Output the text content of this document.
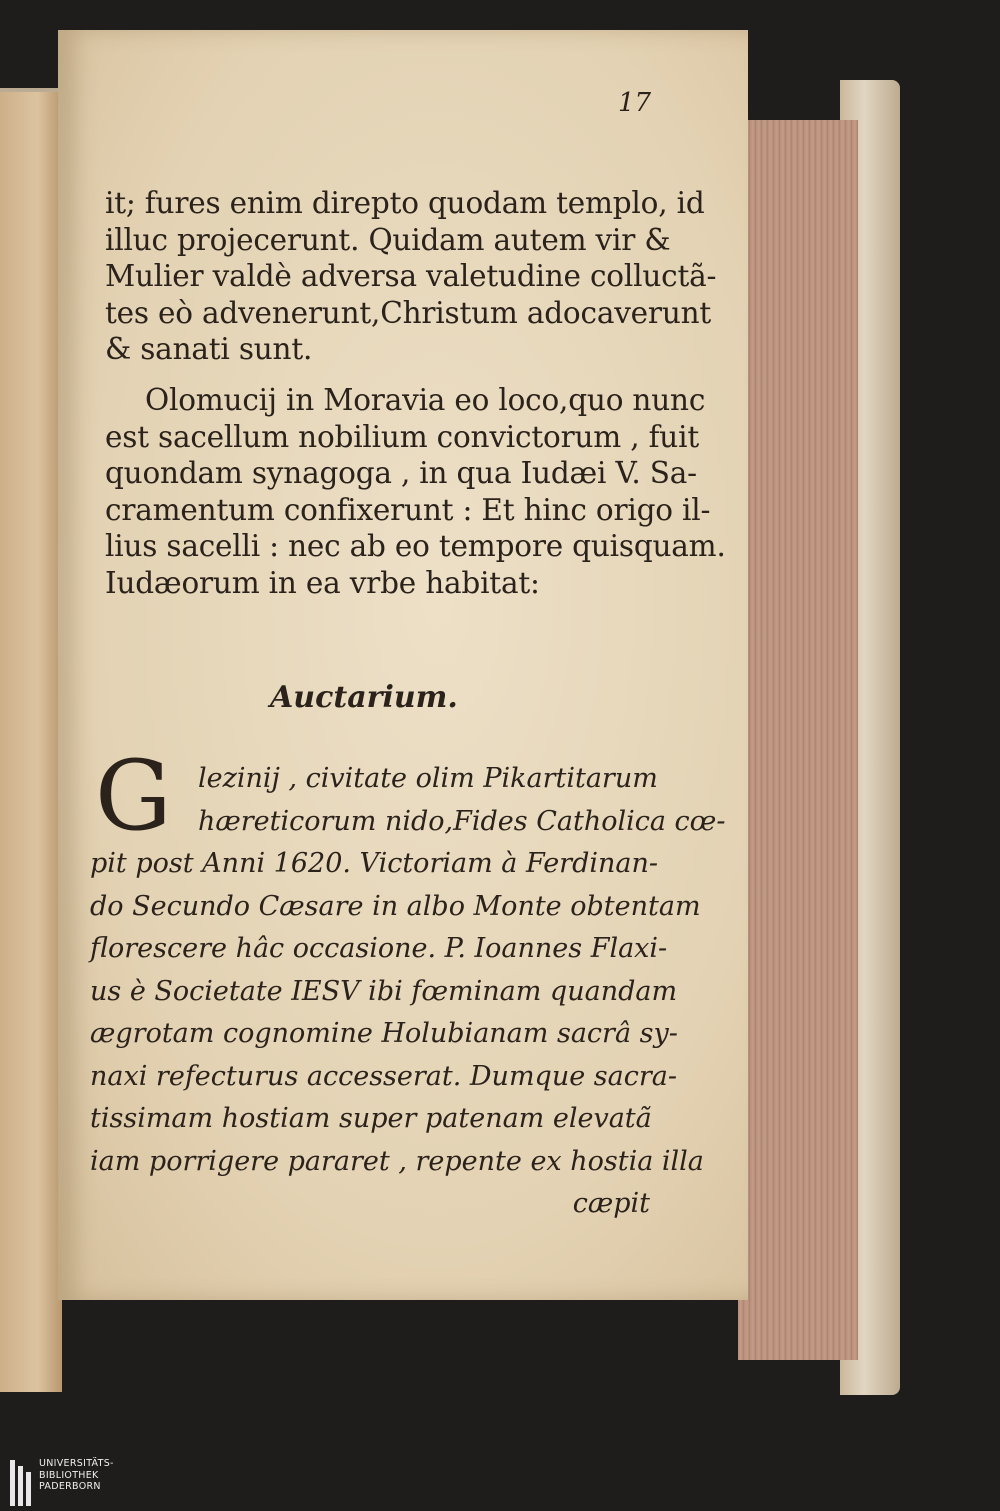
17
it; fures enim direpto quodam templo, id
illuc projecerunt. Quidam autem vir &
Mulier valdè adversa valetudine colluctã-
tes eò advenerunt,Christum adocaverunt
& sanati sunt.
Olomucij in Moravia eo loco,quo nunc
est sacellum nobilium convictorum , fuit
quondam synagoga , in qua Iudæi V. Sa-
cramentum confixerunt : Et hinc origo il-
lius sacelli : nec ab eo tempore quisquam.
Iudæorum in ea vrbe habitat:
Auctarium.
G lezinij , civitate olim Pikartitarum
hæreticorum nido,Fides Catholica cœ-
pit post Anni 1620. Victoriam à Ferdinan-
do Secundo Cæsare in albo Monte obtentam
florescere hâc occasione. P. Ioannes Flaxi-
us è Societate IESV ibi fœminam quandam
ægrotam cognomine Holubianam sacrâ sy-
naxi refecturus accesserat. Dumque sacra-
tissimam hostiam super patenam elevatã
iam porrigere pararet , repente ex hostia illa
cæpit
UNIVERSITÄTS-
BIBLIOTHEK
PADERBORN
